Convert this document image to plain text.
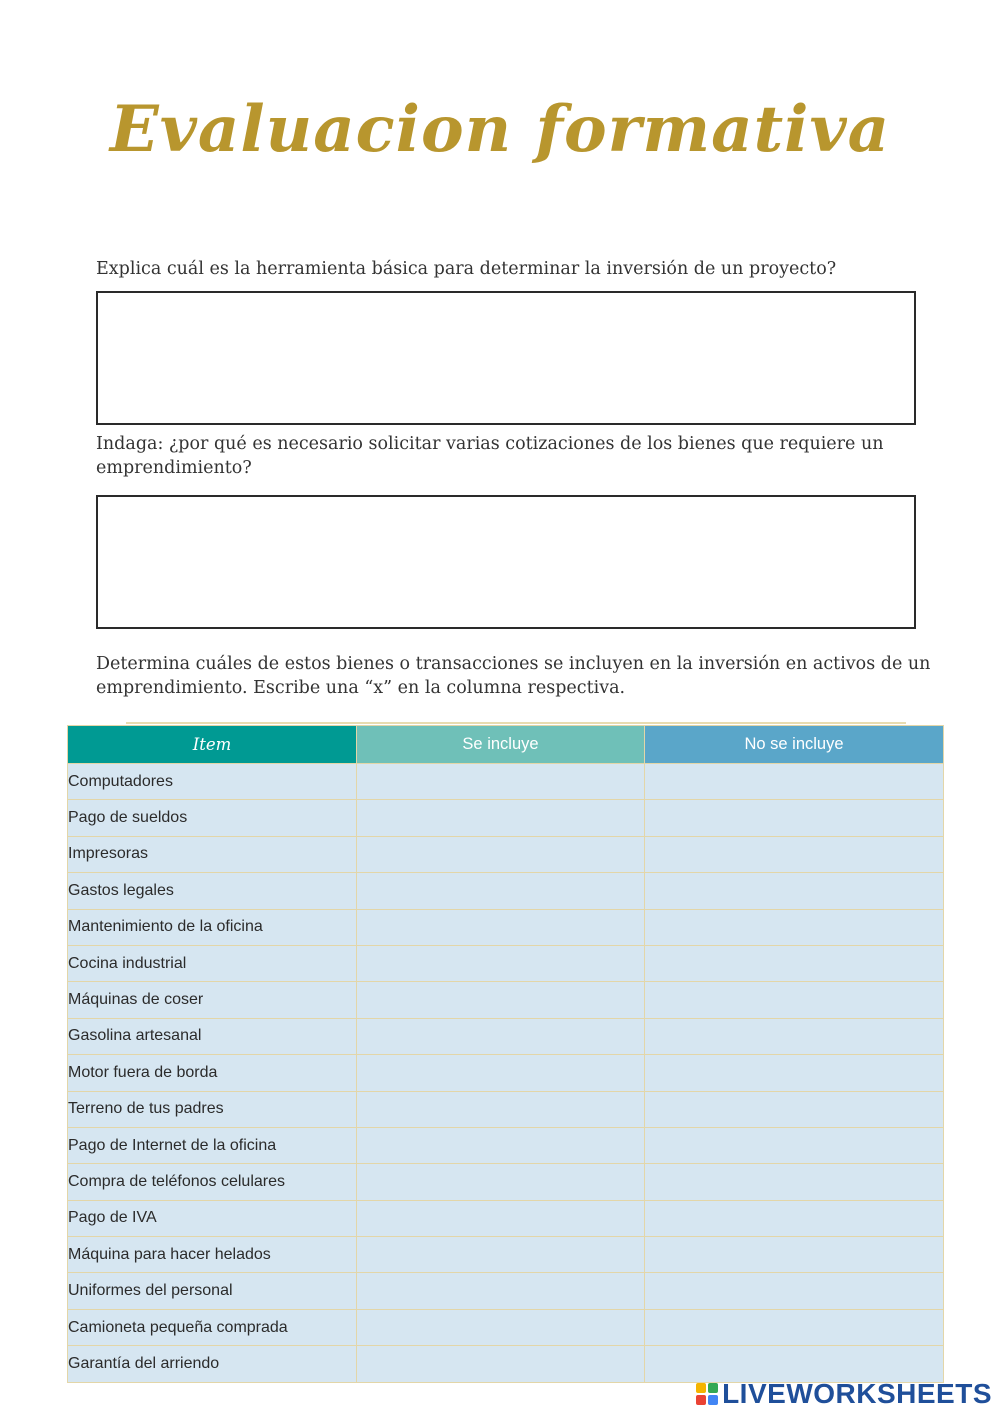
Evaluacion formativa
Explica cuál es la herramienta básica para determinar la inversión de un proyecto?
Indaga: ¿por qué es necesario solicitar varias cotizaciones de los bienes que requiere un emprendimiento?
Determina cuáles de estos bienes o transacciones se incluyen en la inversión en activos de un emprendimiento. Escribe una “x” en la columna respectiva.
Item	Se incluye	No se incluye
Computadores		
Pago de sueldos		
Impresoras		
Gastos legales		
Mantenimiento de la oficina		
Cocina industrial		
Máquinas de coser		
Gasolina artesanal		
Motor fuera de borda		
Terreno de tus padres		
Pago de Internet de la oficina		
Compra de teléfonos celulares		
Pago de IVA		
Máquina para hacer helados		
Uniformes del personal		
Camioneta pequeña comprada		
Garantía del arriendo		
LIVEWORKSHEETS
